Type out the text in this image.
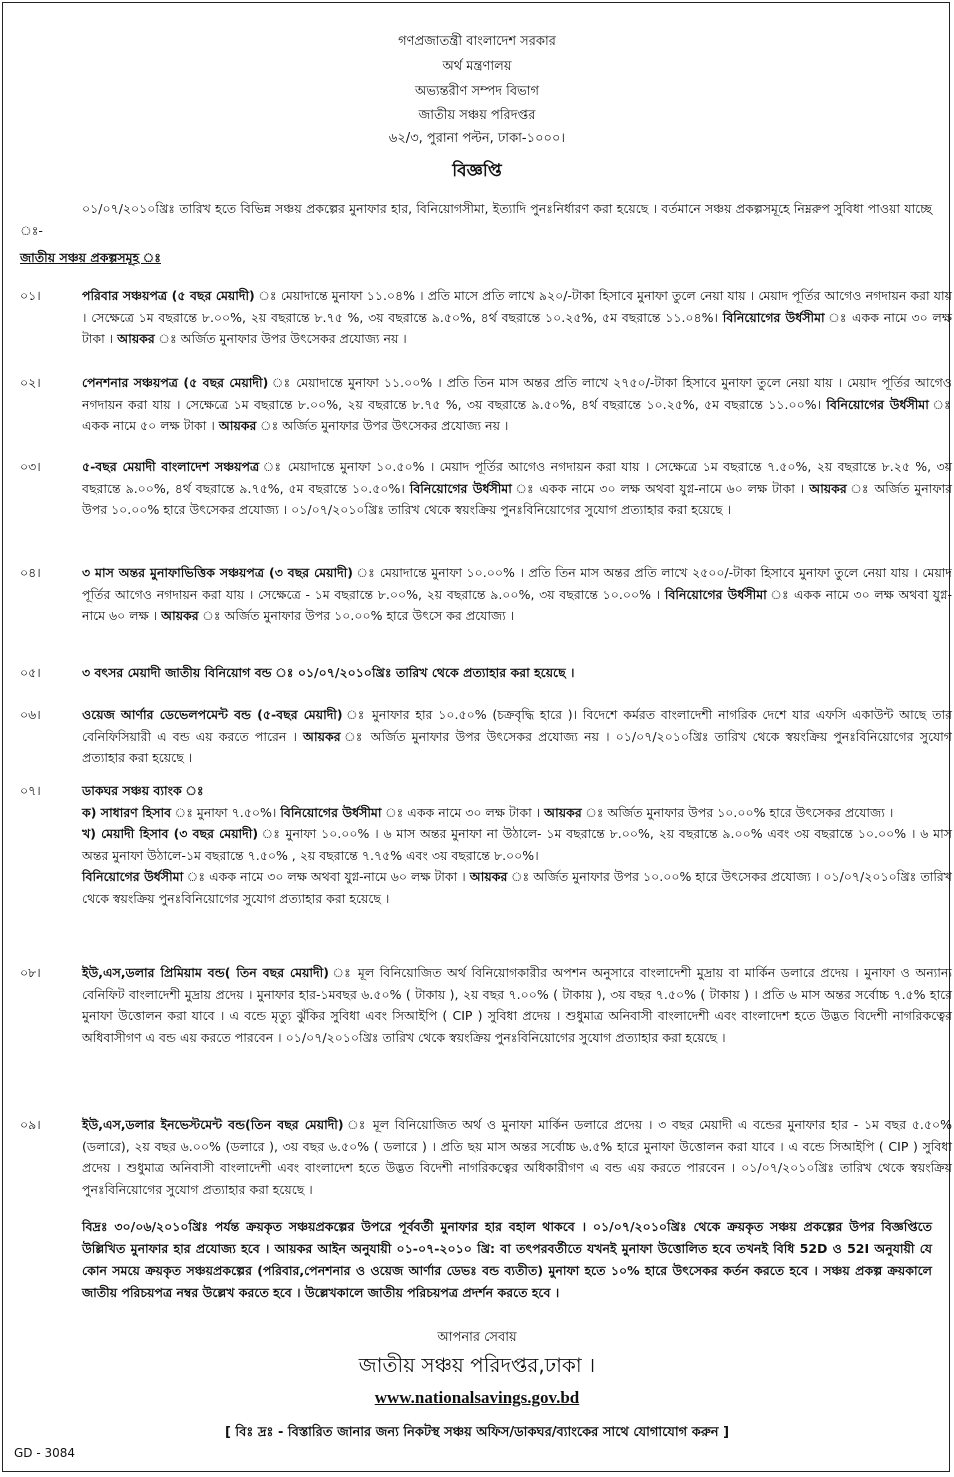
গণপ্রজাতন্ত্রী বাংলাদেশ সরকার
অর্থ মন্ত্রণালয়
অভ্যন্তরীণ সম্পদ বিভাগ
জাতীয় সঞ্চয় পরিদপ্তর
৬২/৩, পুরানা পল্টন, ঢাকা-১০০০।
বিজ্ঞপ্তি
০১/০৭/২০১০খ্রিঃ তারিখ হতে বিভিন্ন সঞ্চয় প্রকল্পের মুনাফার হার, বিনিয়োগসীমা, ইত্যাদি পুনঃনির্ধারণ করা হয়েছে । বর্তমানে সঞ্চয় প্রকল্পসমূহে নিম্নরুপ সুবিধা পাওয়া যাচ্ছে ঃ-
জাতীয় সঞ্চয় প্রকল্পসমূহ ঃ
০১।	পরিবার সঞ্চয়পত্র (৫ বছর মেয়াদী) ঃ মেয়াদান্তে মুনাফা ১১.০৪% । প্রতি মাসে প্রতি লাখে ৯২০/-টাকা হিসাবে মুনাফা তুলে নেয়া যায় । মেয়াদ পূর্তির আগেও নগদায়ন করা যায় । সেক্ষেত্রে ১ম বছরান্তে ৮.০০%, ২য় বছরান্তে ৮.৭৫ %, ৩য় বছরান্তে ৯.৫০%, ৪র্থ বছরান্তে ১০.২৫%, ৫ম বছরান্তে ১১.০৪%। বিনিয়োগের উর্ধসীমা ঃ একক নামে ৩০ লক্ষ টাকা । আয়কর ঃ অর্জিত মুনাফার উপর উৎসেকর প্রযোজ্য নয় ।
০২।	পেনশনার সঞ্চয়পত্র (৫ বছর মেয়াদী) ঃ মেয়াদান্তে মুনাফা ১১.০০% । প্রতি তিন মাস অন্তর প্রতি লাখে ২৭৫০/-টাকা হিসাবে মুনাফা তুলে নেয়া যায় । মেয়াদ পূর্তির আগেও নগদায়ন করা যায় । সেক্ষেত্রে ১ম বছরান্তে ৮.০০%, ২য় বছরান্তে ৮.৭৫ %, ৩য় বছরান্তে ৯.৫০%, ৪র্থ বছরান্তে ১০.২৫%, ৫ম বছরান্তে ১১.০০%। বিনিয়োগের উর্ধসীমা ঃ একক নামে ৫০ লক্ষ টাকা । আয়কর ঃ অর্জিত মুনাফার উপর উৎসেকর প্রযোজ্য নয় ।
০৩।	৫-বছর মেয়াদী বাংলাদেশ সঞ্চয়পত্র ঃ মেয়াদান্তে মুনাফা ১০.৫০% । মেয়াদ পূর্তির আগেও নগদায়ন করা যায় । সেক্ষেত্রে ১ম বছরান্তে ৭.৫০%, ২য় বছরান্তে ৮.২৫ %, ৩য় বছরান্তে ৯.০০%, ৪র্থ বছরান্তে ৯.৭৫%, ৫ম বছরান্তে ১০.৫০%। বিনিয়োগের উর্ধসীমা ঃ একক নামে ৩০ লক্ষ অথবা যুগ্ন-নামে ৬০ লক্ষ টাকা । আয়কর ঃ অর্জিত মুনাফার উপর ১০.০০% হারে উৎসেকর প্রযোজ্য । ০১/০৭/২০১০খ্রিঃ তারিখ থেকে স্বয়ংক্রিয় পুনঃবিনিয়োগের সুযোগ প্রত্যাহার করা হয়েছে ।
০৪।	৩ মাস অন্তর মুনাফাভিত্তিক সঞ্চয়পত্র (৩ বছর মেয়াদী) ঃ মেয়াদান্তে মুনাফা ১০.০০% । প্রতি তিন মাস অন্তর প্রতি লাখে ২৫০০/-টাকা হিসাবে মুনাফা তুলে নেয়া যায় । মেয়াদ পূর্তির আগেও নগদায়ন করা যায় । সেক্ষেত্রে - ১ম বছরান্তে ৮.০০%, ২য় বছরান্তে ৯.০০%, ৩য় বছরান্তে ১০.০০% । বিনিয়োগের উর্ধসীমা ঃ একক নামে ৩০ লক্ষ অথবা যুগ্ন-নামে ৬০ লক্ষ । আয়কর ঃ অর্জিত মুনাফার উপর ১০.০০% হারে উৎসে কর প্রযোজ্য ।
০৫।	৩ বৎসর মেয়াদী জাতীয় বিনিয়োগ বন্ড ঃ ০১/০৭/২০১০খ্রিঃ তারিখ থেকে প্রত্যাহার করা হয়েছে ।
০৬।	ওয়েজ আর্ণার ডেভেলপমেন্ট বন্ড (৫-বছর মেয়াদী) ঃ মুনাফার হার ১০.৫০% (চক্রবৃদ্ধি হারে )। বিদেশে কর্মরত বাংলাদেশী নাগরিক দেশে যার এফসি একাউন্ট আছে তার বেনিফিসিয়ারী এ বন্ড এয় করতে পারেন । আয়কর ঃ অর্জিত মুনাফার উপর উৎসেকর প্রযোজ্য নয় । ০১/০৭/২০১০খ্রিঃ তারিখ থেকে স্বয়ংক্রিয় পুনঃবিনিয়োগের সুযোগ প্রত্যাহার করা হয়েছে ।
০৭।	ডাকঘর সঞ্চয় ব্যাংক ঃ
ক) সাধারণ হিসাব ঃ মুনাফা ৭.৫০%। বিনিয়োগের উর্ধসীমা ঃ একক নামে ৩০ লক্ষ টাকা । আয়কর ঃ অর্জিত মুনাফার উপর ১০.০০% হারে উৎসেকর প্রযোজ্য ।
খ) মেয়াদী হিসাব (৩ বছর মেয়াদী) ঃ মুনাফা ১০.০০% । ৬ মাস অন্তর মুনাফা না উঠালে- ১ম বছরান্তে ৮.০০%, ২য় বছরান্তে ৯.০০% এবং ৩য় বছরান্তে ১০.০০% । ৬ মাস অন্তর মুনাফা উঠালে-১ম বছরান্তে ৭.৫০% , ২য় বছরান্তে ৭.৭৫% এবং ৩য় বছরান্তে ৮.০০%।
বিনিয়োগের উর্ধসীমা ঃ একক নামে ৩০ লক্ষ অথবা যুগ্ন-নামে ৬০ লক্ষ টাকা । আয়কর ঃ অর্জিত মুনাফার উপর ১০.০০% হারে উৎসেকর প্রযোজ্য । ০১/০৭/২০১০খ্রিঃ তারিখ থেকে স্বয়ংক্রিয় পুনঃবিনিয়োগের সুযোগ প্রত্যাহার করা হয়েছে ।
০৮।	ইউ,এস,ডলার প্রিমিয়াম বন্ড( তিন বছর মেয়াদী) ঃ মূল বিনিয়োজিত অর্থ বিনিয়োগকারীর অপশন অনুসারে বাংলাদেশী মুদ্রায় বা মার্কিন ডলারে প্রদেয় । মুনাফা ও অন্যান্য বেনিফিট বাংলাদেশী মুদ্রায় প্রদেয় । মুনাফার হার-১মবছর ৬.৫০% ( টাকায় ), ২য় বছর ৭.০০% ( টাকায় ), ৩য় বছর ৭.৫০% ( টাকায় ) । প্রতি ৬ মাস অন্তর সর্বোচ্চ ৭.৫% হারে মুনাফা উত্তোলন করা যাবে । এ বন্ডে মৃত্যু ঝুঁকির সুবিধা এবং সিআইপি ( CIP ) সুবিধা প্রদেয় । শুধুমাত্র অনিবাসী বাংলাদেশী এবং বাংলাদেশ হতে উদ্ভত বিদেশী নাগরিকত্বের অধিবাসীগণ এ বন্ড এয় করতে পারবেন । ০১/০৭/২০১০খ্রিঃ তারিখ থেকে স্বয়ংক্রিয় পুনঃবিনিয়োগের সুযোগ প্রত্যাহার করা হয়েছে ।
০৯।	ইউ,এস,ডলার ইনভেস্টমেন্ট বন্ড(তিন বছর মেয়াদী) ঃ মূল বিনিয়োজিত অর্থ ও মুনাফা মার্কিন ডলারে প্রদেয় । ৩ বছর মেয়াদী এ বন্ডের মুনাফার হার - ১ম বছর ৫.৫০% (ডলারে), ২য় বছর ৬.০০% (ডলারে ), ৩য় বছর ৬.৫০% ( ডলারে ) । প্রতি ছয় মাস অন্তর সর্বোচ্চ ৬.৫% হারে মুনাফা উত্তোলন করা যাবে । এ বন্ডে সিআইপি ( CIP ) সুবিধা প্রদেয় । শুধুমাত্র অনিবাসী বাংলাদেশী এবং বাংলাদেশ হতে উদ্ভত বিদেশী নাগরিকত্বের অধিকারীগণ এ বন্ড এয় করতে পারবেন । ০১/০৭/২০১০খ্রিঃ তারিখ থেকে স্বয়ংক্রিয় পুনঃবিনিয়োগের সুযোগ প্রত্যাহার করা হয়েছে ।
বিদ্রঃ ৩০/০৬/২০১০খ্রিঃ পর্যন্ত ক্রয়কৃত সঞ্চয়প্রকল্পের উপরে পূর্ববর্তী মুনাফার হার বহাল থাকবে । ০১/০৭/২০১০খ্রিঃ থেকে ক্রয়কৃত সঞ্চয় প্রকল্পের উপর বিজ্ঞপ্তিতে উল্লিখিত মুনাফার হার প্রযোজ্য হবে । আয়কর আইন অনুযায়ী ০১-০৭-২০১০ খ্রি: বা তৎপরবর্তীতে যখনই মুনাফা উত্তোলিত হবে তখনই বিধি 52D ও 52I অনুযায়ী যে কোন সময়ে ক্রয়কৃত সঞ্চয়প্রকল্পের (পরিবার,পেনশনার ও ওয়েজ আর্ণার ডেভঃ বন্ড ব্যতীত) মুনাফা হতে ১০% হারে উৎসেকর কর্তন করতে হবে । সঞ্চয় প্রকল্প ক্রয়কালে জাতীয় পরিচয়পত্র নম্বর উল্লেখ করতে হবে । উল্লেখকালে জাতীয় পরিচয়পত্র প্রদর্শন করতে হবে ।
আপনার সেবায়
জাতীয় সঞ্চয় পরিদপ্তর,ঢাকা ।
www.nationalsavings.gov.bd
[ বিঃ দ্রঃ - বিস্তারিত জানার জন্য নিকটস্থ সঞ্চয় অফিস/ডাকঘর/ব্যাংকের সাথে যোগাযোগ করুন ]
GD - 3084
